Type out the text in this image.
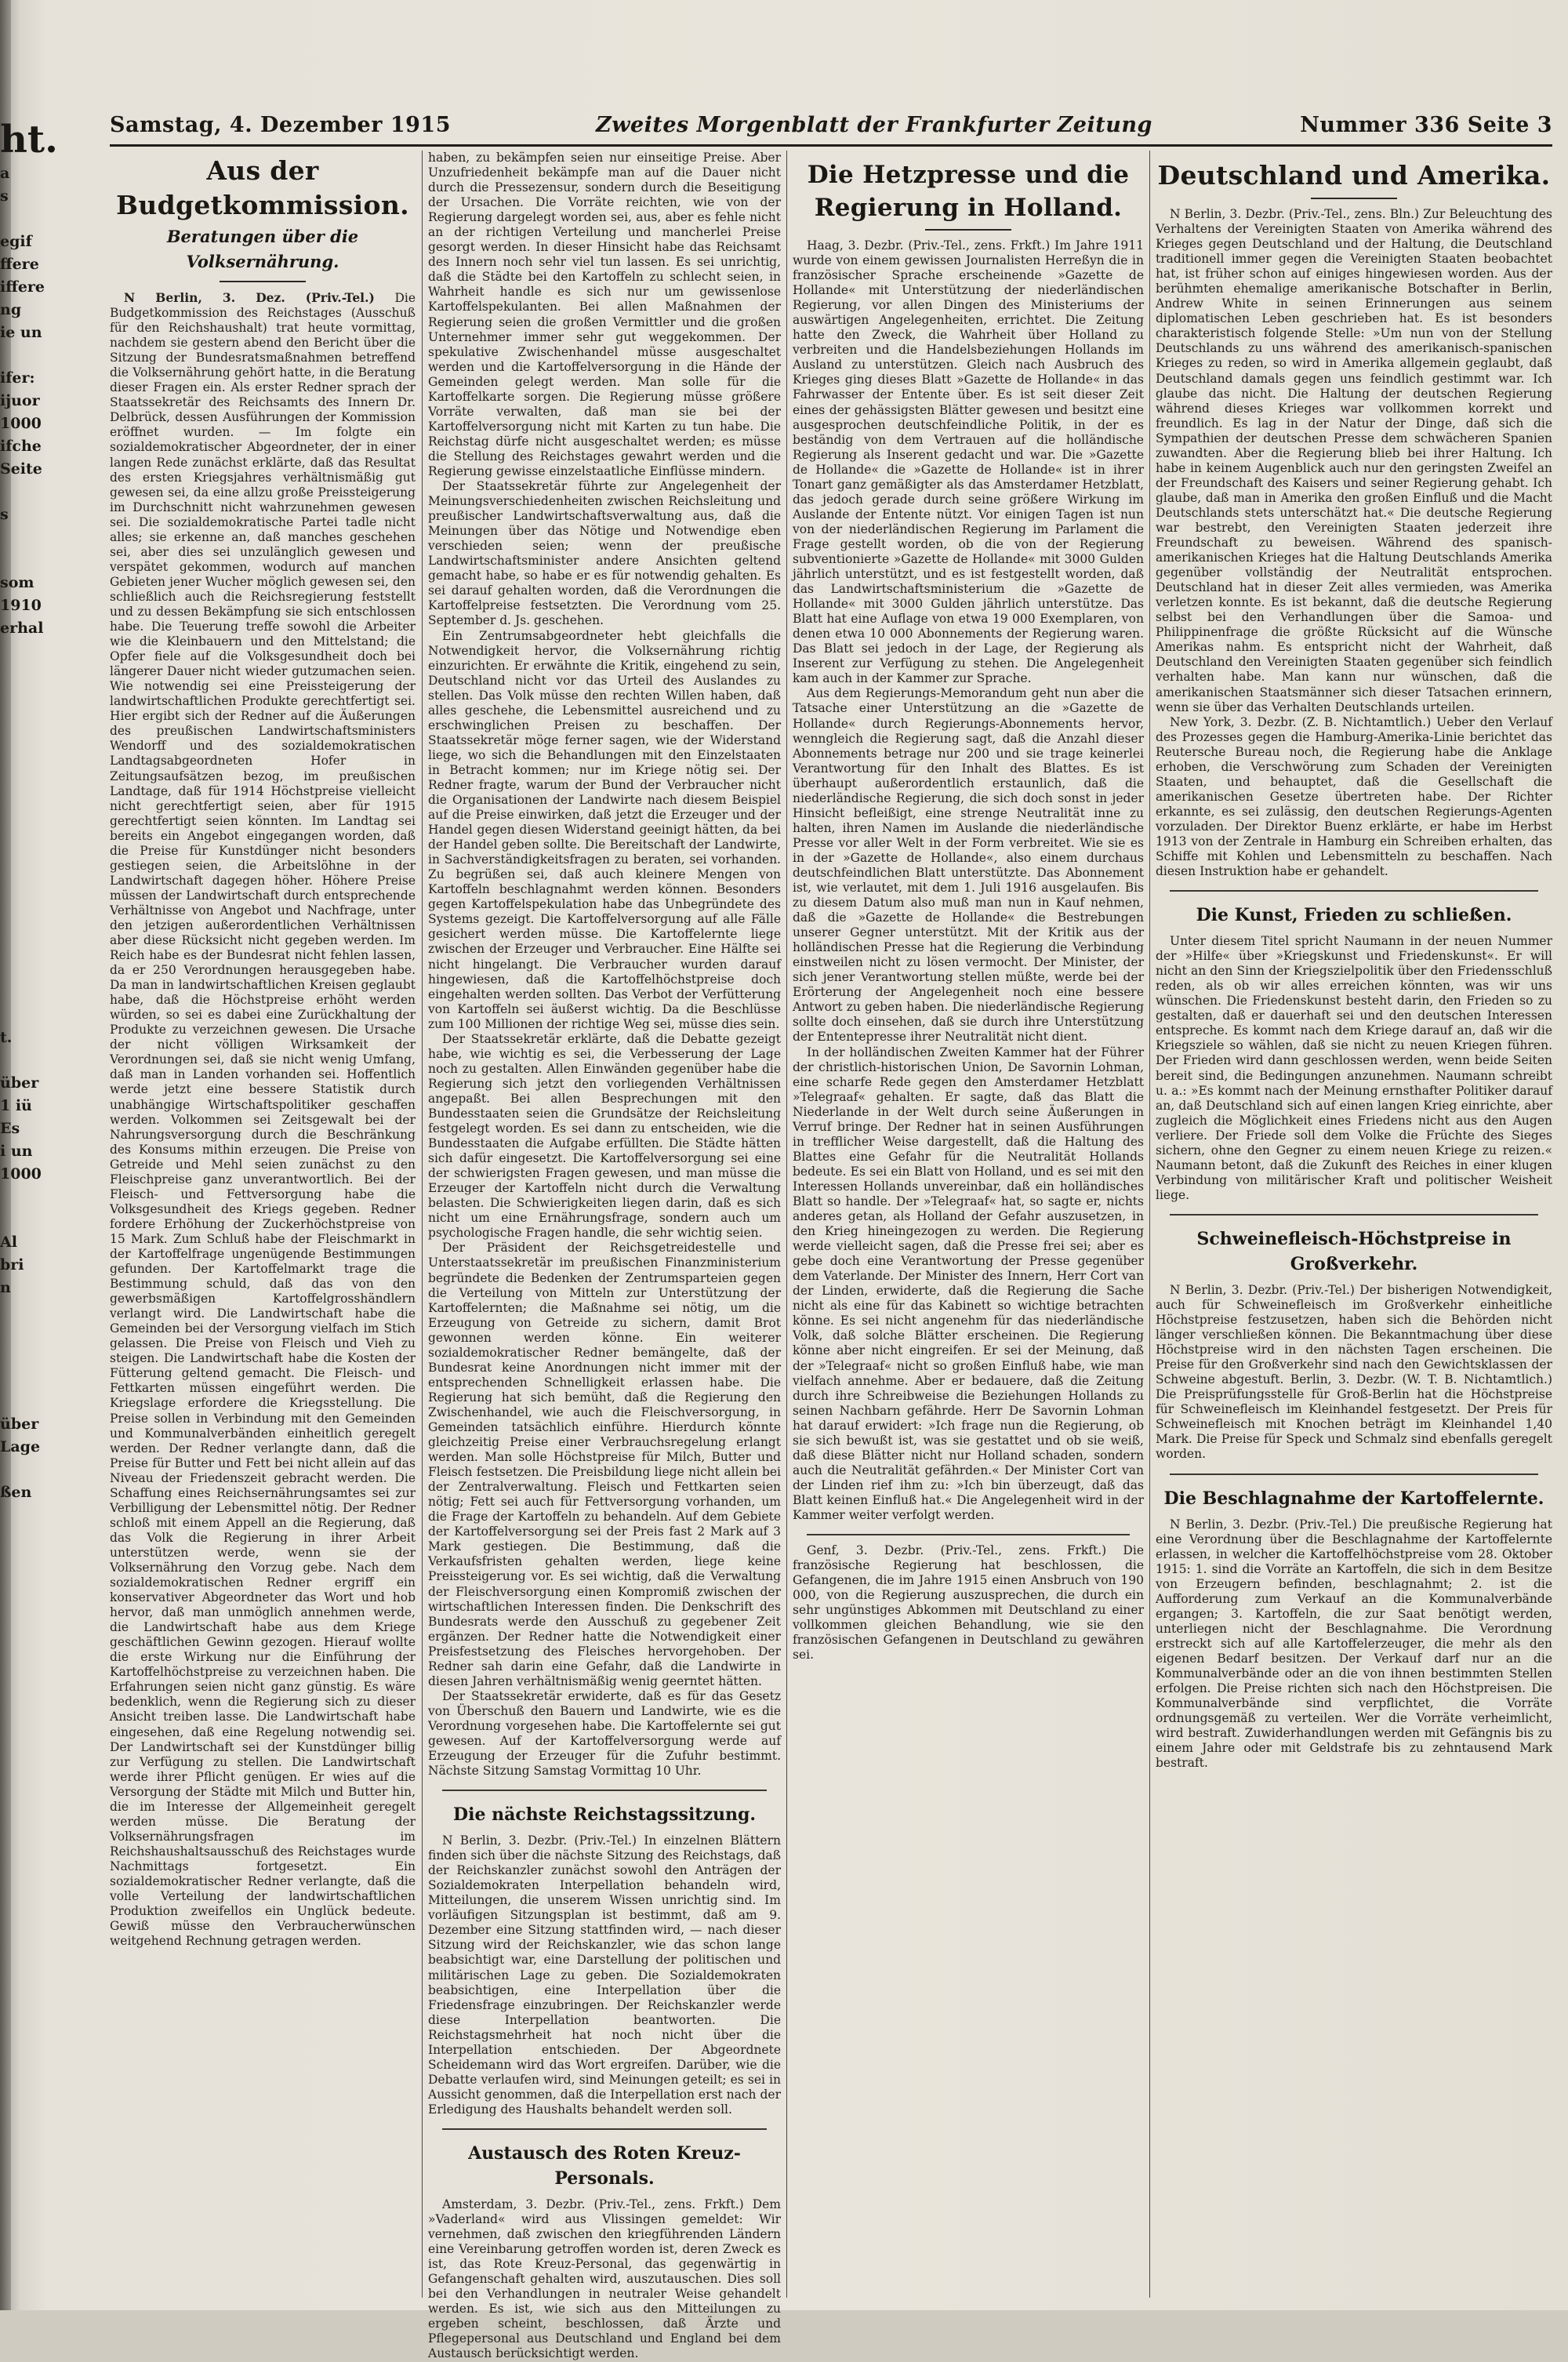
ht.
a
s

egif
ffere
iffere
ng
ie un

ifer:
ijuor
1000
ifche
Seite

s

som
1910
erhal

t.

über
1 iü
Es
i un
1000

Al
bri
n

über
Lage

ßen

Samstag, 4. Dezember 1915	Zweites Morgenblatt der Frankfurter Zeitung	Nummer 336 Seite 3
Aus der Budgetkommission.
Beratungen über die Volksernährung.

N Berlin, 3. Dez. (Priv.-Tel.) Die Budgetkommission des Reichstages (Ausschuß für den Reichshaushalt) trat heute vormittag, nachdem sie gestern abend den Bericht über die Sitzung der Bundesratsmaßnahmen betreffend die Volksernährung gehört hatte, in die Beratung dieser Fragen ein. Als erster Redner sprach der Staatssekretär des Reichsamts des Innern Dr. Delbrück, dessen Ausführungen der Kommission eröffnet wurden. — Im folgte ein sozialdemokratischer Abgeordneter, der in einer langen Rede zunächst erklärte, daß das Resultat des ersten Kriegsjahres verhältnismäßig gut gewesen sei, da eine allzu große Preissteigerung im Durchschnitt nicht wahrzunehmen gewesen sei. Die sozialdemokratische Partei tadle nicht alles; sie erkenne an, daß manches geschehen sei, aber dies sei unzulänglich gewesen und verspätet gekommen, wodurch auf manchen Gebieten jener Wucher möglich gewesen sei, den schließlich auch die Reichsregierung feststellt und zu dessen Bekämpfung sie sich entschlossen habe. Die Teuerung treffe sowohl die Arbeiter wie die Kleinbauern und den Mittelstand; die Opfer fiele auf die Volksgesundheit doch bei längerer Dauer nicht wieder gutzumachen seien. Wie notwendig sei eine Preissteigerung der landwirtschaftlichen Produkte gerechtfertigt sei. Hier ergibt sich der Redner auf die Äußerungen des preußischen Landwirtschaftsministers Wendorff und des sozialdemokratischen Landtagsabgeordneten Hofer in Zeitungsaufsätzen bezog, im preußischen Landtage, daß für 1914 Höchstpreise vielleicht nicht gerechtfertigt seien, aber für 1915 gerechtfertigt seien könnten. Im Landtag sei bereits ein Angebot eingegangen worden, daß die Preise für Kunstdünger nicht besonders gestiegen seien, die Arbeitslöhne in der Landwirtschaft dagegen höher. Höhere Preise müssen der Landwirtschaft durch entsprechende Verhältnisse von Angebot und Nachfrage, unter den jetzigen außerordentlichen Verhältnissen aber diese Rücksicht nicht gegeben werden. Im Reich habe es der Bundesrat nicht fehlen lassen, da er 250 Verordnungen herausgegeben habe. Da man in landwirtschaftlichen Kreisen geglaubt habe, daß die Höchstpreise erhöht werden würden, so sei es dabei eine Zurückhaltung der Produkte zu verzeichnen gewesen. Die Ursache der nicht völligen Wirksamkeit der Verordnungen sei, daß sie nicht wenig Umfang, daß man in Landen vorhanden sei. Hoffentlich werde jetzt eine bessere Statistik durch unabhängige Wirtschaftspolitiker geschaffen werden. Volkommen sei Zeitsgewalt bei der Nahrungsversorgung durch die Beschränkung des Konsums mithin erzeugen. Die Preise von Getreide und Mehl seien zunächst zu den Fleischpreise ganz unverantwortlich. Bei der Fleisch- und Fettversorgung habe die Volksgesundheit des Kriegs gegeben. Redner fordere Erhöhung der Zuckerhöchstpreise von 15 Mark. Zum Schluß habe der Fleischmarkt in der Kartoffelfrage ungenügende Bestimmungen gefunden. Der Kartoffelmarkt trage die Bestimmung schuld, daß das von den gewerbsmäßigen Kartoffelgrosshändlern verlangt wird. Die Landwirtschaft habe die Gemeinden bei der Versorgung vielfach im Stich gelassen. Die Preise von Fleisch und Vieh zu steigen. Die Landwirtschaft habe die Kosten der Fütterung geltend gemacht. Die Fleisch- und Fettkarten müssen eingeführt werden. Die Kriegslage erfordere die Kriegsstellung. Die Preise sollen in Verbindung mit den Gemeinden und Kommunalverbänden einheitlich geregelt werden. Der Redner verlangte dann, daß die Preise für Butter und Fett bei nicht allein auf das Niveau der Friedenszeit gebracht werden. Die Schaffung eines Reichsernährungsamtes sei zur Verbilligung der Lebensmittel nötig. Der Redner schloß mit einem Appell an die Regierung, daß das Volk die Regierung in ihrer Arbeit unterstützen werde, wenn sie der Volksernährung den Vorzug gebe. Nach dem sozialdemokratischen Redner ergriff ein konservativer Abgeordneter das Wort und hob hervor, daß man unmöglich annehmen werde, die Landwirtschaft habe aus dem Kriege geschäftlichen Gewinn gezogen. Hierauf wollte die erste Wirkung nur die Einführung der Kartoffelhöchstpreise zu verzeichnen haben. Die Erfahrungen seien nicht ganz günstig. Es wäre bedenklich, wenn die Regierung sich zu dieser Ansicht treiben lasse. Die Landwirtschaft habe eingesehen, daß eine Regelung notwendig sei. Der Landwirtschaft sei der Kunstdünger billig zur Verfügung zu stellen. Die Landwirtschaft werde ihrer Pflicht genügen. Er wies auf die Versorgung der Städte mit Milch und Butter hin, die im Interesse der Allgemeinheit geregelt werden müsse. Die Beratung der Volksernährungsfragen im Reichshaushaltsausschuß des Reichstages wurde Nachmittags fortgesetzt. Ein sozialdemokratischer Redner verlangte, daß die volle Verteilung der landwirtschaftlichen Produktion zweifellos ein Unglück bedeute. Gewiß müsse den Verbraucherwünschen weitgehend Rechnung getragen werden.

haben, zu bekämpfen seien nur einseitige Preise. Aber Unzufriedenheit bekämpfe man auf die Dauer nicht durch die Pressezensur, sondern durch die Beseitigung der Ursachen. Die Vorräte reichten, wie von der Regierung dargelegt worden sei, aus, aber es fehle nicht an der richtigen Verteilung und mancherlei Preise gesorgt werden. In dieser Hinsicht habe das Reichsamt des Innern noch sehr viel tun lassen. Es sei unrichtig, daß die Städte bei den Kartoffeln zu schlecht seien, in Wahrheit handle es sich nur um gewissenlose Kartoffelspekulanten. Bei allen Maßnahmen der Regierung seien die großen Vermittler und die großen Unternehmer immer sehr gut weggekommen. Der spekulative Zwischenhandel müsse ausgeschaltet werden und die Kartoffelversorgung in die Hände der Gemeinden gelegt werden. Man solle für die Kartoffelkarte sorgen. Die Regierung müsse größere Vorräte verwalten, daß man sie bei der Kartoffelversorgung nicht mit Karten zu tun habe. Die Reichstag dürfe nicht ausgeschaltet werden; es müsse die Stellung des Reichstages gewahrt werden und die Regierung gewisse einzelstaatliche Einflüsse mindern.

Der Staatssekretär führte zur Angelegenheit der Meinungsverschiedenheiten zwischen Reichsleitung und preußischer Landwirtschaftsverwaltung aus, daß die Meinungen über das Nötige und Notwendige eben verschieden seien; wenn der preußische Landwirtschaftsminister andere Ansichten geltend gemacht habe, so habe er es für notwendig gehalten. Es sei darauf gehalten worden, daß die Verordnungen die Kartoffelpreise festsetzten. Die Verordnung vom 25. September d. Js. geschehen.

Ein Zentrumsabgeordneter hebt gleichfalls die Notwendigkeit hervor, die Volksernährung richtig einzurichten. Er erwähnte die Kritik, eingehend zu sein, Deutschland nicht vor das Urteil des Auslandes zu stellen. Das Volk müsse den rechten Willen haben, daß alles geschehe, die Lebensmittel ausreichend und zu erschwinglichen Preisen zu beschaffen. Der Staatssekretär möge ferner sagen, wie der Widerstand liege, wo sich die Behandlungen mit den Einzelstaaten in Betracht kommen; nur im Kriege nötig sei. Der Redner fragte, warum der Bund der Verbraucher nicht die Organisationen der Landwirte nach diesem Beispiel auf die Preise einwirken, daß jetzt die Erzeuger und der Handel gegen diesen Widerstand geeinigt hätten, da bei der Handel geben sollte. Die Bereitschaft der Landwirte, in Sachverständigkeitsfragen zu beraten, sei vorhanden. Zu begrüßen sei, daß auch kleinere Mengen von Kartoffeln beschlagnahmt werden können. Besonders gegen Kartoffelspekulation habe das Unbegründete des Systems gezeigt. Die Kartoffelversorgung auf alle Fälle gesichert werden müsse. Die Kartoffelernte liege zwischen der Erzeuger und Verbraucher. Eine Hälfte sei nicht hingelangt. Die Verbraucher wurden darauf hingewiesen, daß die Kartoffelhöchstpreise doch eingehalten werden sollten. Das Verbot der Verfütterung von Kartoffeln sei äußerst wichtig. Da die Beschlüsse zum 100 Millionen der richtige Weg sei, müsse dies sein.

Der Staatssekretär erklärte, daß die Debatte gezeigt habe, wie wichtig es sei, die Verbesserung der Lage noch zu gestalten. Allen Einwänden gegenüber habe die Regierung sich jetzt den vorliegenden Verhältnissen angepaßt. Bei allen Besprechungen mit den Bundesstaaten seien die Grundsätze der Reichsleitung festgelegt worden. Es sei dann zu entscheiden, wie die Bundesstaaten die Aufgabe erfüllten. Die Städte hätten sich dafür eingesetzt. Die Kartoffelversorgung sei eine der schwierigsten Fragen gewesen, und man müsse die Erzeuger der Kartoffeln nicht durch die Verwaltung belasten. Die Schwierigkeiten liegen darin, daß es sich nicht um eine Ernährungsfrage, sondern auch um psychologische Fragen handle, die sehr wichtig seien.

Der Präsident der Reichsgetreidestelle und Unterstaatssekretär im preußischen Finanzministerium begründete die Bedenken der Zentrumsparteien gegen die Verteilung von Mitteln zur Unterstützung der Kartoffelernten; die Maßnahme sei nötig, um die Erzeugung von Getreide zu sichern, damit Brot gewonnen werden könne. Ein weiterer sozialdemokratischer Redner bemängelte, daß der Bundesrat keine Anordnungen nicht immer mit der entsprechenden Schnelligkeit erlassen habe. Die Regierung hat sich bemüht, daß die Regierung den Zwischenhandel, wie auch die Fleischversorgung, in Gemeinden tatsächlich einführe. Hierdurch könnte gleichzeitig Preise einer Verbrauchsregelung erlangt werden. Man solle Höchstpreise für Milch, Butter und Fleisch festsetzen. Die Preisbildung liege nicht allein bei der Zentralverwaltung. Fleisch und Fettkarten seien nötig; Fett sei auch für Fettversorgung vorhanden, um die Frage der Kartoffeln zu behandeln. Auf dem Gebiete der Kartoffelversorgung sei der Preis fast 2 Mark auf 3 Mark gestiegen. Die Bestimmung, daß die Verkaufsfristen gehalten werden, liege keine Preissteigerung vor. Es sei wichtig, daß die Verwaltung der Fleischversorgung einen Kompromiß zwischen der wirtschaftlichen Interessen finden. Die Denkschrift des Bundesrats werde den Ausschuß zu gegebener Zeit ergänzen. Der Redner hatte die Notwendigkeit einer Preisfestsetzung des Fleisches hervorgehoben. Der Redner sah darin eine Gefahr, daß die Landwirte in diesen Jahren verhältnismäßig wenig geerntet hätten.

Der Staatssekretär erwiderte, daß es für das Gesetz von Überschuß den Bauern und Landwirte, wie es die Verordnung vorgesehen habe. Die Kartoffelernte sei gut gewesen. Auf der Kartoffelversorgung werde auf Erzeugung der Erzeuger für die Zufuhr bestimmt. Nächste Sitzung Samstag Vormittag 10 Uhr.

Die nächste Reichstagssitzung.

N Berlin, 3. Dezbr. (Priv.-Tel.) In einzelnen Blättern finden sich über die nächste Sitzung des Reichstags, daß der Reichskanzler zunächst sowohl den Anträgen der Sozialdemokraten Interpellation behandeln wird, Mitteilungen, die unserem Wissen unrichtig sind. Im vorläufigen Sitzungsplan ist bestimmt, daß am 9. Dezember eine Sitzung stattfinden wird, — nach dieser Sitzung wird der Reichskanzler, wie das schon lange beabsichtigt war, eine Darstellung der politischen und militärischen Lage zu geben. Die Sozialdemokraten beabsichtigen, eine Interpellation über die Friedensfrage einzubringen. Der Reichskanzler werde diese Interpellation beantworten. Die Reichstagsmehrheit hat noch nicht über die Interpellation entschieden. Der Abgeordnete Scheidemann wird das Wort ergreifen. Darüber, wie die Debatte verlaufen wird, sind Meinungen geteilt; es sei in Aussicht genommen, daß die Interpellation erst nach der Erledigung des Haushalts behandelt werden soll.

Austausch des Roten Kreuz-Personals.

Amsterdam, 3. Dezbr. (Priv.-Tel., zens. Frkft.) Dem »Vaderland« wird aus Vlissingen gemeldet: Wir vernehmen, daß zwischen den kriegführenden Ländern eine Vereinbarung getroffen worden ist, deren Zweck es ist, das Rote Kreuz-Personal, das gegenwärtig in Gefangenschaft gehalten wird, auszutauschen. Dies soll bei den Verhandlungen in neutraler Weise gehandelt werden. Es ist, wie sich aus den Mitteilungen zu ergeben scheint, beschlossen, daß Ärzte und Pflegepersonal aus Deutschland und England bei dem Austausch berücksichtigt werden.

Die Hetzpresse und die Regierung in Holland.

Haag, 3. Dezbr. (Priv.-Tel., zens. Frkft.) Im Jahre 1911 wurde von einem gewissen Journalisten Herreßyn die in französischer Sprache erscheinende »Gazette de Hollande« mit Unterstützung der niederländischen Regierung, vor allen Dingen des Ministeriums der auswärtigen Angelegenheiten, errichtet. Die Zeitung hatte den Zweck, die Wahrheit über Holland zu verbreiten und die Handelsbeziehungen Hollands im Ausland zu unterstützen. Gleich nach Ausbruch des Krieges ging dieses Blatt »Gazette de Hollande« in das Fahrwasser der Entente über. Es ist seit dieser Zeit eines der gehässigsten Blätter gewesen und besitzt eine ausgesprochen deutschfeindliche Politik, in der es beständig von dem Vertrauen auf die holländische Regierung als Inserent gedacht und war. Die »Gazette de Hollande« die »Gazette de Hollande« ist in ihrer Tonart ganz gemäßigter als das Amsterdamer Hetzblatt, das jedoch gerade durch seine größere Wirkung im Auslande der Entente nützt. Vor einigen Tagen ist nun von der niederländischen Regierung im Parlament die Frage gestellt worden, ob die von der Regierung subventionierte »Gazette de Hollande« mit 3000 Gulden jährlich unterstützt, und es ist festgestellt worden, daß das Landwirtschaftsministerium die »Gazette de Hollande« mit 3000 Gulden jährlich unterstütze. Das Blatt hat eine Auflage von etwa 19 000 Exemplaren, von denen etwa 10 000 Abonnements der Regierung waren. Das Blatt sei jedoch in der Lage, der Regierung als Inserent zur Verfügung zu stehen. Die Angelegenheit kam auch in der Kammer zur Sprache.

Aus dem Regierungs-Memorandum geht nun aber die Tatsache einer Unterstützung an die »Gazette de Hollande« durch Regierungs-Abonnements hervor, wenngleich die Regierung sagt, daß die Anzahl dieser Abonnements betrage nur 200 und sie trage keinerlei Verantwortung für den Inhalt des Blattes. Es ist überhaupt außerordentlich erstaunlich, daß die niederländische Regierung, die sich doch sonst in jeder Hinsicht befleißigt, eine strenge Neutralität inne zu halten, ihren Namen im Auslande die niederländische Presse vor aller Welt in der Form verbreitet. Wie sie es in der »Gazette de Hollande«, also einem durchaus deutschfeindlichen Blatt unterstützte. Das Abonnement ist, wie verlautet, mit dem 1. Juli 1916 ausgelaufen. Bis zu diesem Datum also muß man nun in Kauf nehmen, daß die »Gazette de Hollande« die Bestrebungen unserer Gegner unterstützt. Mit der Kritik aus der holländischen Presse hat die Regierung die Verbindung einstweilen nicht zu lösen vermocht. Der Minister, der sich jener Verantwortung stellen müßte, werde bei der Erörterung der Angelegenheit noch eine bessere Antwort zu geben haben. Die niederländische Regierung sollte doch einsehen, daß sie durch ihre Unterstützung der Ententepresse ihrer Neutralität nicht dient.

In der holländischen Zweiten Kammer hat der Führer der christlich-historischen Union, De Savornin Lohman, eine scharfe Rede gegen den Amsterdamer Hetzblatt »Telegraaf« gehalten. Er sagte, daß das Blatt die Niederlande in der Welt durch seine Äußerungen in Verruf bringe. Der Redner hat in seinen Ausführungen in trefflicher Weise dargestellt, daß die Haltung des Blattes eine Gefahr für die Neutralität Hollands bedeute. Es sei ein Blatt von Holland, und es sei mit den Interessen Hollands unvereinbar, daß ein holländisches Blatt so handle. Der »Telegraaf« hat, so sagte er, nichts anderes getan, als Holland der Gefahr auszusetzen, in den Krieg hineingezogen zu werden. Die Regierung werde vielleicht sagen, daß die Presse frei sei; aber es gebe doch eine Verantwortung der Presse gegenüber dem Vaterlande. Der Minister des Innern, Herr Cort van der Linden, erwiderte, daß die Regierung die Sache nicht als eine für das Kabinett so wichtige betrachten könne. Es sei nicht angenehm für das niederländische Volk, daß solche Blätter erscheinen. Die Regierung könne aber nicht eingreifen. Er sei der Meinung, daß der »Telegraaf« nicht so großen Einfluß habe, wie man vielfach annehme. Aber er bedauere, daß die Zeitung durch ihre Schreibweise die Beziehungen Hollands zu seinen Nachbarn gefährde. Herr De Savornin Lohman hat darauf erwidert: »Ich frage nun die Regierung, ob sie sich bewußt ist, was sie gestattet und ob sie weiß, daß diese Blätter nicht nur Holland schaden, sondern auch die Neutralität gefährden.« Der Minister Cort van der Linden rief ihm zu: »Ich bin überzeugt, daß das Blatt keinen Einfluß hat.« Die Angelegenheit wird in der Kammer weiter verfolgt werden.

Genf, 3. Dezbr. (Priv.-Tel., zens. Frkft.) Die französische Regierung hat beschlossen, die Gefangenen, die im Jahre 1915 einen Ansbruch von 190 000, von die Regierung auszusprechen, die durch ein sehr ungünstiges Abkommen mit Deutschland zu einer vollkommen gleichen Behandlung, wie sie den französischen Gefangenen in Deutschland zu gewähren sei.

Deutschland und Amerika.

N Berlin, 3. Dezbr. (Priv.-Tel., zens. Bln.) Zur Beleuchtung des Verhaltens der Vereinigten Staaten von Amerika während des Krieges gegen Deutschland und der Haltung, die Deutschland traditionell immer gegen die Vereinigten Staaten beobachtet hat, ist früher schon auf einiges hingewiesen worden. Aus der berühmten ehemalige amerikanische Botschafter in Berlin, Andrew White in seinen Erinnerungen aus seinem diplomatischen Leben geschrieben hat. Es ist besonders charakteristisch folgende Stelle: »Um nun von der Stellung Deutschlands zu uns während des amerikanisch-spanischen Krieges zu reden, so wird in Amerika allgemein geglaubt, daß Deutschland damals gegen uns feindlich gestimmt war. Ich glaube das nicht. Die Haltung der deutschen Regierung während dieses Krieges war vollkommen korrekt und freundlich. Es lag in der Natur der Dinge, daß sich die Sympathien der deutschen Presse dem schwächeren Spanien zuwandten. Aber die Regierung blieb bei ihrer Haltung. Ich habe in keinem Augenblick auch nur den geringsten Zweifel an der Freundschaft des Kaisers und seiner Regierung gehabt. Ich glaube, daß man in Amerika den großen Einfluß und die Macht Deutschlands stets unterschätzt hat.« Die deutsche Regierung war bestrebt, den Vereinigten Staaten jederzeit ihre Freundschaft zu beweisen. Während des spanisch-amerikanischen Krieges hat die Haltung Deutschlands Amerika gegenüber vollständig der Neutralität entsprochen. Deutschland hat in dieser Zeit alles vermieden, was Amerika verletzen konnte. Es ist bekannt, daß die deutsche Regierung selbst bei den Verhandlungen über die Samoa- und Philippinenfrage die größte Rücksicht auf die Wünsche Amerikas nahm. Es entspricht nicht der Wahrheit, daß Deutschland den Vereinigten Staaten gegenüber sich feindlich verhalten habe. Man kann nur wünschen, daß die amerikanischen Staatsmänner sich dieser Tatsachen erinnern, wenn sie über das Verhalten Deutschlands urteilen.

New York, 3. Dezbr. (Z. B. Nichtamtlich.) Ueber den Verlauf des Prozesses gegen die Hamburg-Amerika-Linie berichtet das Reutersche Bureau noch, die Regierung habe die Anklage erhoben, die Verschwörung zum Schaden der Vereinigten Staaten, und behauptet, daß die Gesellschaft die amerikanischen Gesetze übertreten habe. Der Richter erkannte, es sei zulässig, den deutschen Regierungs-Agenten vorzuladen. Der Direktor Buenz erklärte, er habe im Herbst 1913 von der Zentrale in Hamburg ein Schreiben erhalten, das Schiffe mit Kohlen und Lebensmitteln zu beschaffen. Nach diesen Instruktion habe er gehandelt.

Die Kunst, Frieden zu schließen.

Unter diesem Titel spricht Naumann in der neuen Nummer der »Hilfe« über »Kriegskunst und Friedenskunst«. Er will nicht an den Sinn der Kriegszielpolitik über den Friedensschluß reden, als ob wir alles erreichen könnten, was wir uns wünschen. Die Friedenskunst besteht darin, den Frieden so zu gestalten, daß er dauerhaft sei und den deutschen Interessen entspreche. Es kommt nach dem Kriege darauf an, daß wir die Kriegsziele so wählen, daß sie nicht zu neuen Kriegen führen. Der Frieden wird dann geschlossen werden, wenn beide Seiten bereit sind, die Bedingungen anzunehmen. Naumann schreibt u. a.: »Es kommt nach der Meinung ernsthafter Politiker darauf an, daß Deutschland sich auf einen langen Krieg einrichte, aber zugleich die Möglichkeit eines Friedens nicht aus den Augen verliere. Der Friede soll dem Volke die Früchte des Sieges sichern, ohne den Gegner zu einem neuen Kriege zu reizen.« Naumann betont, daß die Zukunft des Reiches in einer klugen Verbindung von militärischer Kraft und politischer Weisheit liege.

Schweinefleisch-Höchstpreise in Großverkehr.

N Berlin, 3. Dezbr. (Priv.-Tel.) Der bisherigen Notwendigkeit, auch für Schweinefleisch im Großverkehr einheitliche Höchstpreise festzusetzen, haben sich die Behörden nicht länger verschließen können. Die Bekanntmachung über diese Höchstpreise wird in den nächsten Tagen erscheinen. Die Preise für den Großverkehr sind nach den Gewichtsklassen der Schweine abgestuft. Berlin, 3. Dezbr. (W. T. B. Nichtamtlich.) Die Preisprüfungsstelle für Groß-Berlin hat die Höchstpreise für Schweinefleisch im Kleinhandel festgesetzt. Der Preis für Schweinefleisch mit Knochen beträgt im Kleinhandel 1,40 Mark. Die Preise für Speck und Schmalz sind ebenfalls geregelt worden.

Die Beschlagnahme der Kartoffelernte.

N Berlin, 3. Dezbr. (Priv.-Tel.) Die preußische Regierung hat eine Verordnung über die Beschlagnahme der Kartoffelernte erlassen, in welcher die Kartoffelhöchstpreise vom 28. Oktober 1915: 1. sind die Vorräte an Kartoffeln, die sich in dem Besitze von Erzeugern befinden, beschlagnahmt; 2. ist die Aufforderung zum Verkauf an die Kommunalverbände ergangen; 3. Kartoffeln, die zur Saat benötigt werden, unterliegen nicht der Beschlagnahme. Die Verordnung erstreckt sich auf alle Kartoffelerzeuger, die mehr als den eigenen Bedarf besitzen. Der Verkauf darf nur an die Kommunalverbände oder an die von ihnen bestimmten Stellen erfolgen. Die Preise richten sich nach den Höchstpreisen. Die Kommunalverbände sind verpflichtet, die Vorräte ordnungsgemäß zu verteilen. Wer die Vorräte verheimlicht, wird bestraft. Zuwiderhandlungen werden mit Gefängnis bis zu einem Jahre oder mit Geldstrafe bis zu zehntausend Mark bestraft.
